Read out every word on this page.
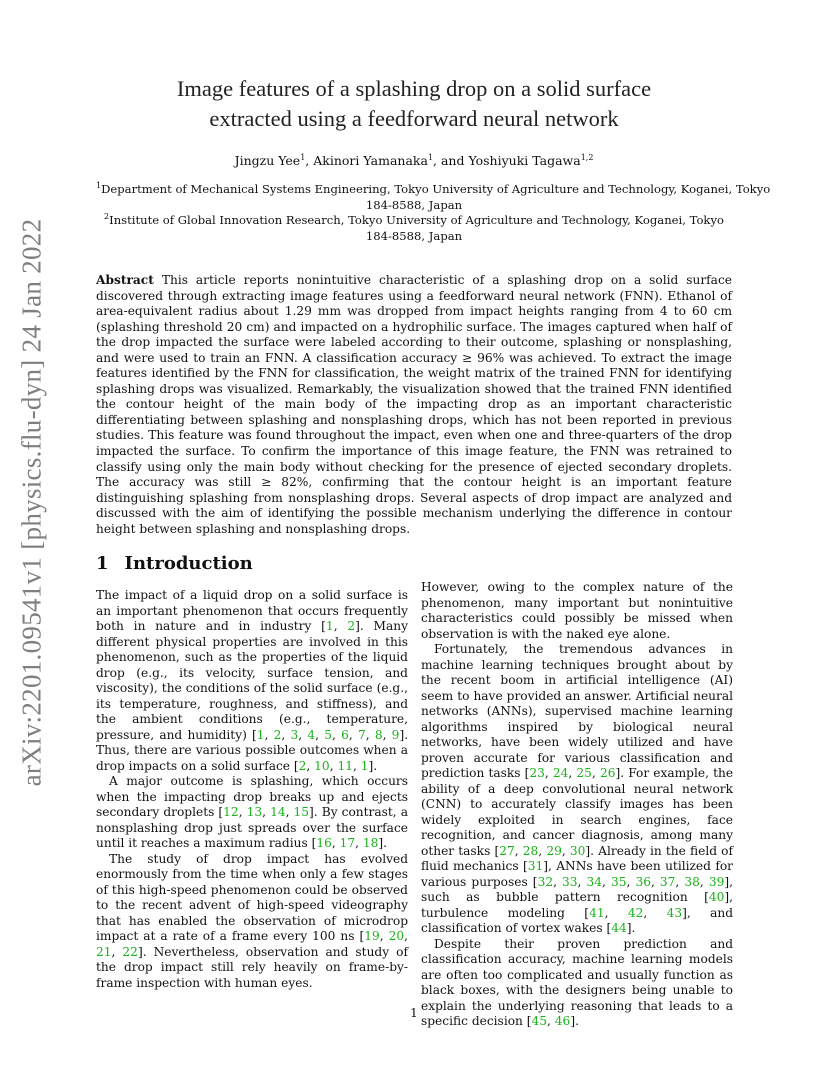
arXiv:2201.09541v1 [physics.flu-dyn] 24 Jan 2022
Image features of a splashing drop on a solid surface
extracted using a feedforward neural network
Jingzu Yee$^1$, Akinori Yamanaka$^1$, and Yoshiyuki Tagawa$^{1,2}$
$^1$Department of Mechanical Systems Engineering, Tokyo University of Agriculture and Technology, Koganei, Tokyo
184-8588, Japan
$^2$Institute of Global Innovation Research, Tokyo University of Agriculture and Technology, Koganei, Tokyo
184-8588, Japan
Abstract This article reports nonintuitive characteristic of a splashing drop on a solid surface discovered through extracting image features using a feedforward neural network (FNN). Ethanol of area-equivalent radius about 1.29 mm was dropped from impact heights ranging from 4 to 60 cm (splashing threshold 20 cm) and impacted on a hydrophilic surface. The images captured when half of the drop impacted the surface were labeled according to their outcome, splashing or nonsplashing, and were used to train an FNN. A classification accuracy ≥ 96% was achieved. To extract the image features identified by the FNN for classification, the weight matrix of the trained FNN for identifying splashing drops was visualized. Remarkably, the visualization showed that the trained FNN identified the contour height of the main body of the impacting drop as an important characteristic differentiating between splashing and nonsplashing drops, which has not been reported in previous studies. This feature was found throughout the impact, even when one and three-quarters of the drop impacted the surface. To confirm the importance of this image feature, the FNN was retrained to classify using only the main body without checking for the presence of ejected secondary droplets. The accuracy was still ≥ 82%, confirming that the contour height is an important feature distinguishing splashing from nonsplashing drops. Several aspects of drop impact are analyzed and discussed with the aim of identifying the possible mechanism underlying the difference in contour height between splashing and nonsplashing drops.
1 Introduction

The impact of a liquid drop on a solid surface is an important phenomenon that occurs frequently both in nature and in industry [1, 2]. Many different physical properties are involved in this phenomenon, such as the properties of the liquid drop (e.g., its velocity, surface tension, and viscosity), the conditions of the solid surface (e.g., its temperature, roughness, and stiffness), and the ambient conditions (e.g., temperature, pressure, and humidity) [1, 2, 3, 4, 5, 6, 7, 8, 9]. Thus, there are various possible outcomes when a drop impacts on a solid surface [2, 10, 11, 1].

A major outcome is splashing, which occurs when the impacting drop breaks up and ejects secondary droplets [12, 13, 14, 15]. By contrast, a nonsplashing drop just spreads over the surface until it reaches a maximum radius [16, 17, 18].

The study of drop impact has evolved enormously from the time when only a few stages of this high-speed phenomenon could be observed to the recent advent of high-speed videography that has enabled the observation of microdrop impact at a rate of a frame every 100 ns [19, 20, 21, 22]. Nevertheless, observation and study of the drop impact still rely heavily on frame-by-frame inspection with human eyes.

However, owing to the complex nature of the phenomenon, many important but nonintuitive characteristics could possibly be missed when observation is with the naked eye alone.

Fortunately, the tremendous advances in machine learning techniques brought about by the recent boom in artificial intelligence (AI) seem to have provided an answer. Artificial neural networks (ANNs), supervised machine learning algorithms inspired by biological neural networks, have been widely utilized and have proven accurate for various classification and prediction tasks [23, 24, 25, 26]. For example, the ability of a deep convolutional neural network (CNN) to accurately classify images has been widely exploited in search engines, face recognition, and cancer diagnosis, among many other tasks [27, 28, 29, 30]. Already in the field of fluid mechanics [31], ANNs have been utilized for various purposes [32, 33, 34, 35, 36, 37, 38, 39], such as bubble pattern recognition [40], turbulence modeling [41, 42, 43], and classification of vortex wakes [44].

Despite their proven prediction and classification accuracy, machine learning models are often too complicated and usually function as black boxes, with the designers being unable to explain the underlying reasoning that leads to a specific decision [45, 46].

1
